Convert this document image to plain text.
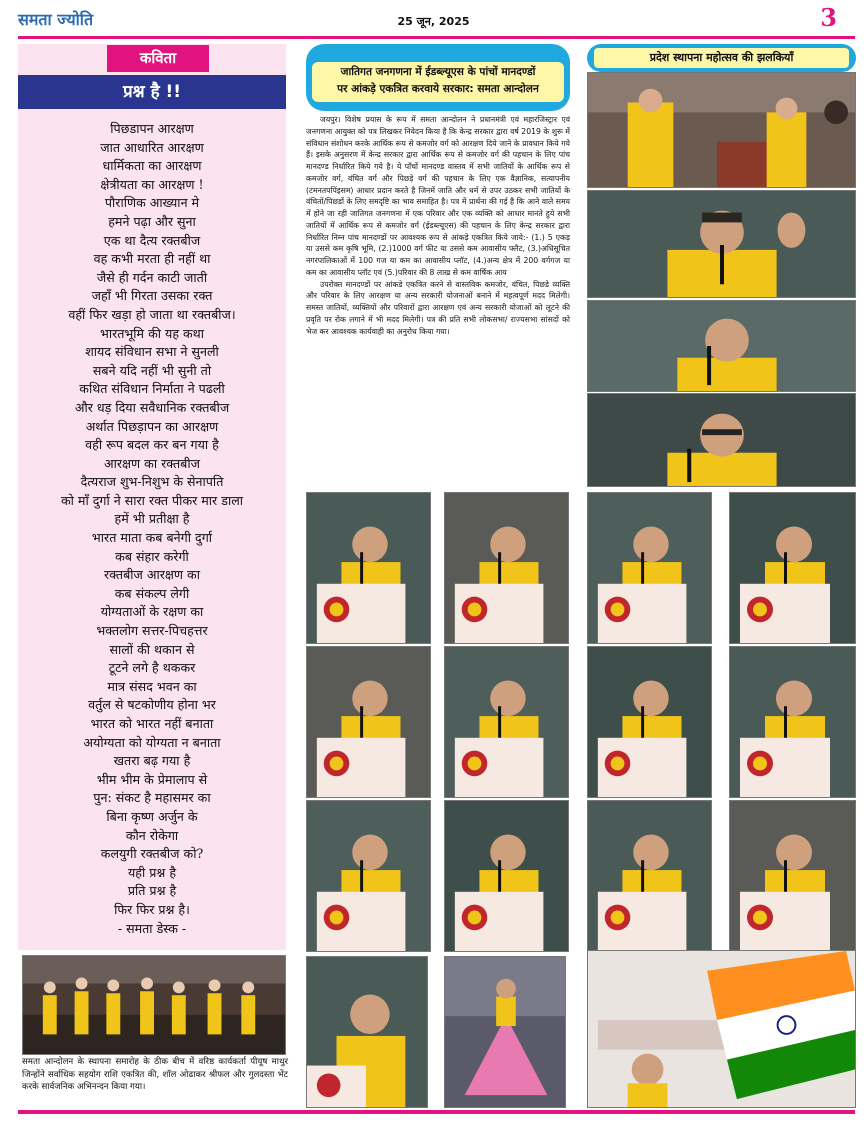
समता ज्योति	25 जून, 2025	3
कविता
प्रश्न है !!
पिछडापन आरक्षण
जात आधारित आरक्षण
धार्मिकता का आरक्षण
क्षेत्रीयता का आरक्षण !
पौराणिक आख्यान मे
हमने पढ़ा और सुना
एक था दैत्य रक्तबीज
वह कभी मरता ही नहीं था
जैसे ही गर्दन काटी जाती
जहाँ भी गिरता उसका रक्त
वहीं फिर खड़ा हो जाता था रक्तबीज।
भारतभूमि की यह कथा
शायद संविधान सभा ने सुनली
सबने यदि नहीं भी सुनी तो
कथित संविधान निर्माता ने पढली
और धड़ दिया सवैधानिक रक्तबीज
अर्थात पिछड़ापन का आरक्षण
वही रूप बदल कर बन गया है
आरक्षण का रक्तबीज
दैत्यराज शुभ-निशुभ के सेनापति
को माँ दुर्गा ने सारा रक्त पीकर मार डाला
हमें भी प्रतीक्षा है
भारत माता कब बनेगी दुर्गा
कब संहार करेगी
रक्तबीज आरक्षण का
कब संकल्प लेगी
योग्यताओं के रक्षण का
भक्तलोग सत्तर-पिचहत्तर
सालों की थकान से
टूटने लगे है थककर
मात्र संसद भवन का
वर्तुल से षटकोणीय होना भर
भारत को भारत नहीं बनाता
अयोग्यता को योग्यता न बनाता
खतरा बढ़ गया है
भीम भीम के प्रेमालाप से
पुन: संकट है महासमर का
बिना कृष्ण अर्जुन के
कौन रोकेगा
कलयुगी रक्तबीज को?
यही प्रश्न है
प्रति प्रश्न है
फिर फिर प्रश्न है।
- समता डेस्क -

समता आन्दोलन के स्थापना समारोह के ठीक बीच में वरिष्ठ कार्यकर्ता पीयूष माथुर जिन्होंने सर्वाधिक सहयोग राशि एकत्रित की, शॉल ओढाकर श्रीफल और गुलदस्ता भेंट करके सार्वजनिक अभिनन्दन किया गया।

जातिगत जनगणना में ईडब्ल्यूएस के पांचों मानदण्डों
पर आंकड़े एकत्रित करवाये सरकार: समता आन्दोलन

जयपुर। विशेष प्रयास के रूप में समता आन्दोलन ने प्रधानमंत्री एवं महारजिस्ट्रार एवं जनगणना आयुक्त को पत्र लिखकर निवेदन किया है कि केन्द्र सरकार द्वारा वर्ष 2019 के शुरू में संविधान संशोधन करके आर्थिक रूप से कमजोर वर्ग को आरक्षण दिये जाने के प्रावधान किये गये हैं। इसके अनुसरण में केन्द्र सरकार द्वारा आर्थिक रूप से कमजोर वर्ग की पहचान के लिए पांच मानदण्ड निर्धारित किये गये है। ये पाँचों मानदण्ड वास्तव में सभी जातियों के आर्थिक रूप से कमजोर वर्ग, वंचित वर्ग और पिछड़े वर्ग की पहचान के लिए एक वैज्ञानिक, सत्यापनीय (टमनतपपिंइसम) आधार प्रदान करते है जिनमें जाति और धर्म से उपर उठकर सभी जातियों के वंचितों/पिछडों के लिए समदृष्टि का भाव समाहित है। पत्र में प्रार्थना की गई है कि आने वाले समय में होने जा रही जातिगत जनगणना में एक परिवार और एक व्यक्ति को आधार मानते हुये सभी जातियों में आर्थिक रूप से कमजोर वर्ग (ईडब्ल्यूएस) की पहचान के लिए केन्द्र सरकार द्वारा निर्धारित निम्न पांच मानदण्डों पर आवश्यक रूप से आंकड़े एकत्रित किये जाये:- (1.) 5 एकड़ या उससे कम कृषि भूमि, (2.)1000 वर्ग फीट या उससे कम आवासीय फ्लैट, (3.)अधिसूचित नगरपालिकाओं में 100 गज या कम का आवासीय प्लॉट, (4.)अन्य क्षेत्र में 200 वर्गगज या कम का आवासीय प्लॉट एवं (5.)परिवार की 8 लाख से कम वार्षिक आय

उपरोक्त मानदण्डों पर आंकडे एकत्रित करने से वास्तविक कमजोर, वंचित, पिछडे व्यक्ति और परिवार के लिए आरक्षण या अन्य सरकारी योजनाओं बनाने में महत्वपूर्ण मदद मिलेगी। समस्त जातियों, व्यक्तियों और परिवारों द्वारा आरक्षण एवं अन्य सरकारी योजाओं को लूटने की प्रवृति पर रोक लगाने में भी मदद मिलेगी। पत्र की प्रति सभी लोकसभा/ राज्यसभा सांसदों को भेज कर आवश्यक कार्यवाही का अनुरोध किया गया।

प्रदेश स्थापना महोत्सव की झलकियाँ
